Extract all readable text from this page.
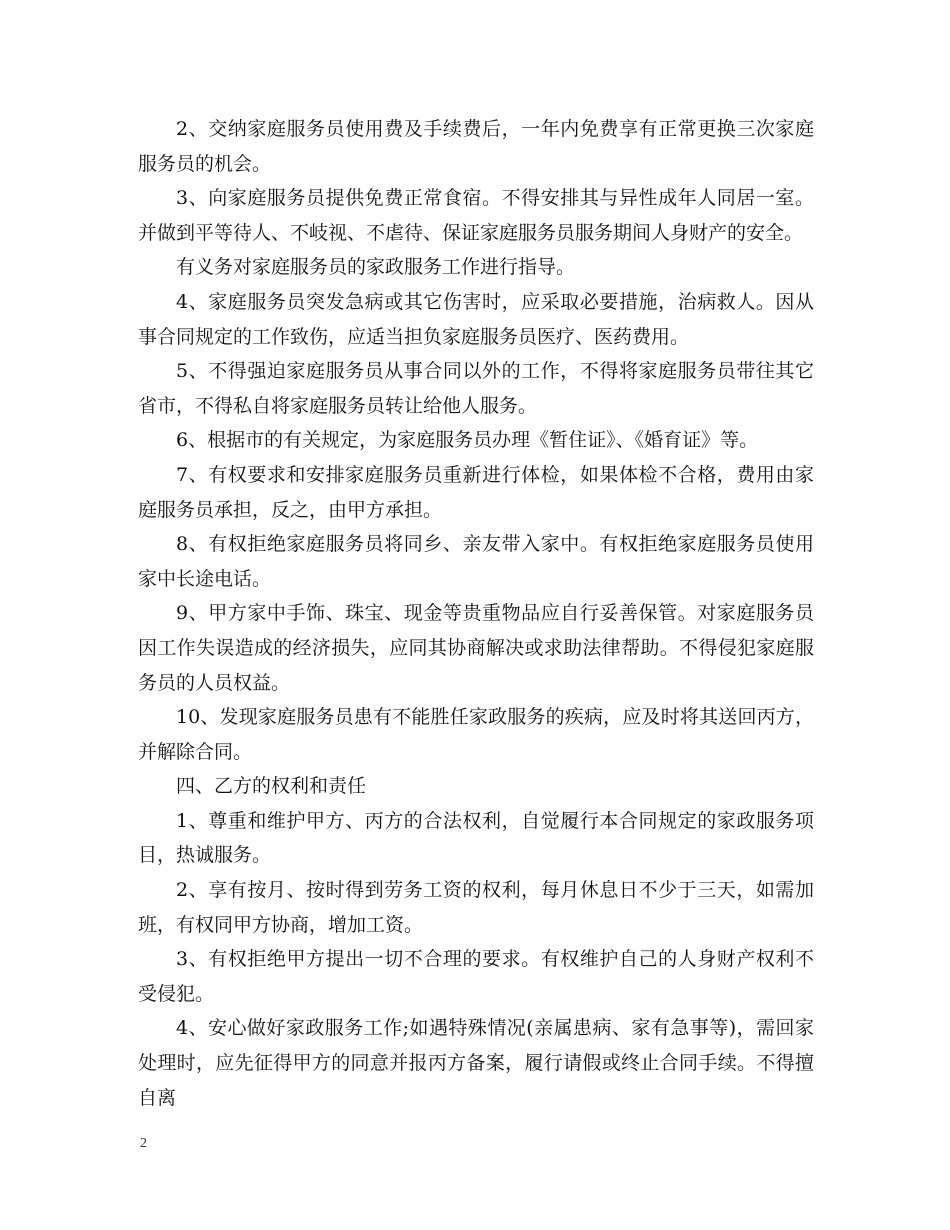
2、交纳家庭服务员使用费及手续费后，一年内免费享有正常更换三次家庭服务员的机会。

3、向家庭服务员提供免费正常食宿。不得安排其与异性成年人同居一室。并做到平等待人、不岐视、不虐待、保证家庭服务员服务期间人身财产的安全。

有义务对家庭服务员的家政服务工作进行指导。

4、家庭服务员突发急病或其它伤害时，应采取必要措施，治病救人。因从事合同规定的工作致伤，应适当担负家庭服务员医疗、医药费用。

5、不得强迫家庭服务员从事合同以外的工作，不得将家庭服务员带往其它省市，不得私自将家庭服务员转让给他人服务。

6、根据市的有关规定，为家庭服务员办理《暂住证》、《婚育证》等。

7、有权要求和安排家庭服务员重新进行体检，如果体检不合格，费用由家庭服务员承担，反之，由甲方承担。

8、有权拒绝家庭服务员将同乡、亲友带入家中。有权拒绝家庭服务员使用家中长途电话。

9、甲方家中手饰、珠宝、现金等贵重物品应自行妥善保管。对家庭服务员因工作失误造成的经济损失，应同其协商解决或求助法律帮助。不得侵犯家庭服务员的人员权益。

10、发现家庭服务员患有不能胜任家政服务的疾病，应及时将其送回丙方，并解除合同。

四、乙方的权利和责任

1、尊重和维护甲方、丙方的合法权利，自觉履行本合同规定的家政服务项目，热诚服务。

2、享有按月、按时得到劳务工资的权利，每月休息日不少于三天，如需加班，有权同甲方协商，增加工资。

3、有权拒绝甲方提出一切不合理的要求。有权维护自己的人身财产权利不受侵犯。

4、安心做好家政服务工作;如遇特殊情况(亲属患病、家有急事等)，需回家处理时，应先征得甲方的同意并报丙方备案，履行请假或终止合同手续。不得擅自离

2
